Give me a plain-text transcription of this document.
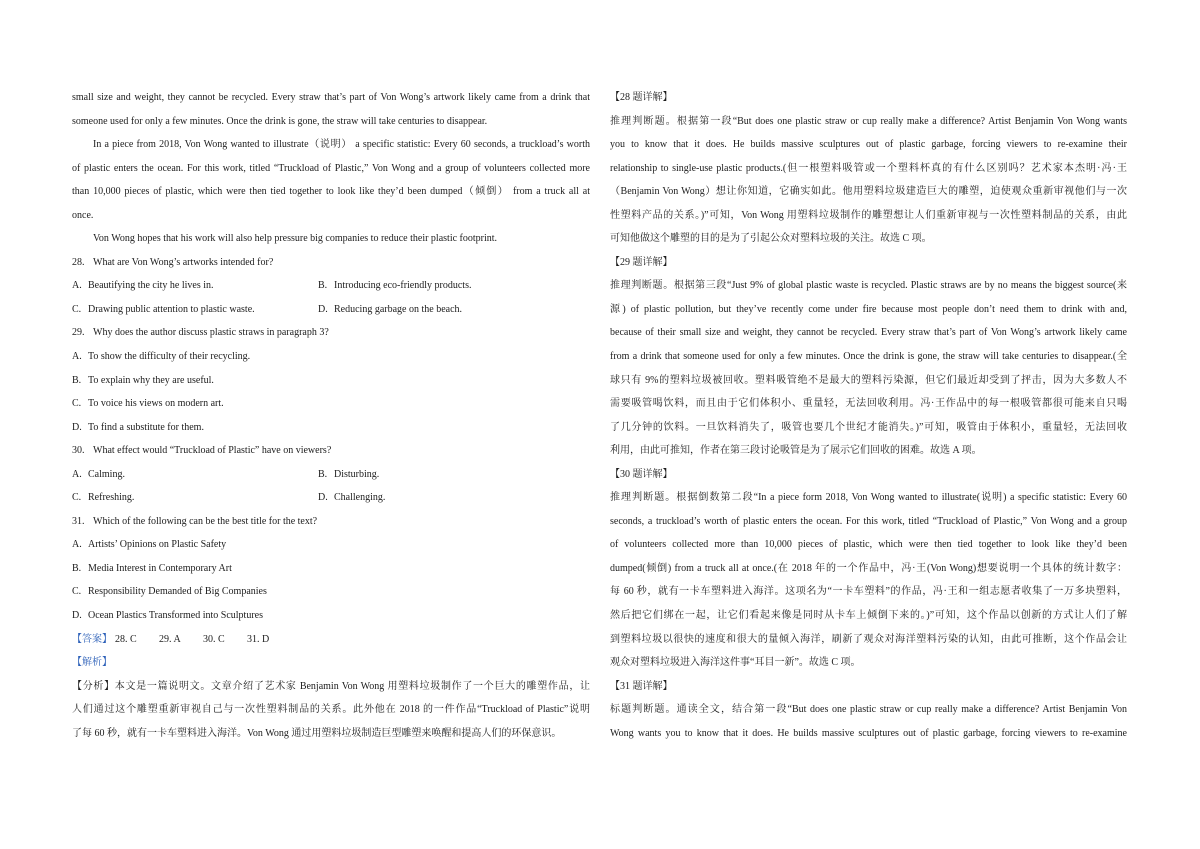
small size and weight, they cannot be recycled. Every straw that’s part of Von Wong’s artwork likely came from a drink that
someone used for only a few minutes. Once the drink is gone, the straw will take centuries to disappear.
In a piece from 2018, Von Wong wanted to illustrate（说明） a specific statistic: Every 60 seconds, a truckload’s worth
of plastic enters the ocean. For this work, titled “Truckload of Plastic,” Von Wong and a group of volunteers collected more
than 10,000 pieces of plastic, which were then tied together to look like they’d been dumped（倾倒） from a truck all at
once.
Von Wong hopes that his work will also help pressure big companies to reduce their plastic footprint.
28. What are Von Wong’s artworks intended for?
A. Beautifying the city he lives in.	B. Introducing eco-friendly products.
C. Drawing public attention to plastic waste.	D. Reducing garbage on the beach.
29. Why does the author discuss plastic straws in paragraph 3?
A. To show the difficulty of their recycling.
B. To explain why they are useful.
C. To voice his views on modern art.
D. To find a substitute for them.
30. What effect would “Truckload of Plastic” have on viewers?
A. Calming.	B. Disturbing.
C. Refreshing.	D. Challenging.
31. Which of the following can be the best title for the text?
A. Artists’ Opinions on Plastic Safety
B. Media Interest in Contemporary Art
C. Responsibility Demanded of Big Companies
D. Ocean Plastics Transformed into Sculptures
【答案】 28. C	29. A	30. C	31. D
【解析】
【分析】本文是一篇说明文。文章介绍了艺术家 Benjamin Von Wong 用塑料垃圾制作了一个巨大的雕塑作品，让
人们通过这个雕塑重新审视自己与一次性塑料制品的关系。此外他在 2018 的一件作品“Truckload of Plastic”说明
了每 60 秒，就有一卡车塑料进入海洋。Von Wong 通过用塑料垃圾制造巨型雕塑来唤醒和提高人们的环保意识。
【28 题详解】
推理判断题。根据第一段“But does one plastic straw or cup really make a difference? Artist Benjamin Von Wong wants
you to know that it does. He builds massive sculptures out of plastic garbage, forcing viewers to re-examine their
relationship to single-use plastic products.(但一根塑料吸管或一个塑料杯真的有什么区别吗？艺术家本杰明·冯·王
（Benjamin Von Wong）想让你知道，它确实如此。他用塑料垃圾建造巨大的雕塑，迫使观众重新审视他们与一次
性塑料产品的关系。)”可知，Von Wong 用塑料垃圾制作的雕塑想让人们重新审视与一次性塑料制品的关系，由此
可知他做这个雕塑的目的是为了引起公众对塑料垃圾的关注。故选 C 项。
【29 题详解】
推理判断题。根据第三段“Just 9% of global plastic waste is recycled. Plastic straws are by no means the biggest source(来
源) of plastic pollution, but they’ve recently come under fire because most people don’t need them to drink with and,
because of their small size and weight, they cannot be recycled. Every straw that’s part of Von Wong’s artwork likely came
from a drink that someone used for only a few minutes. Once the drink is gone, the straw will take centuries to disappear.(全
球只有 9%的塑料垃圾被回收。塑料吸管绝不是最大的塑料污染源，但它们最近却受到了抨击，因为大多数人不
需要吸管喝饮料，而且由于它们体积小、重量轻，无法回收利用。冯·王作品中的每一根吸管都很可能来自只喝
了几分钟的饮料。一旦饮料消失了，吸管也要几个世纪才能消失。)”可知，吸管由于体积小，重量轻，无法回收
利用，由此可推知，作者在第三段讨论吸管是为了展示它们回收的困难。故选 A 项。
【30 题详解】
推理判断题。根据倒数第二段“In a piece form 2018, Von Wong wanted to illustrate(说明) a specific statistic: Every 60
seconds, a truckload’s worth of plastic enters the ocean. For this work, titled “Truckload of Plastic,” Von Wong and a group
of volunteers collected more than 10,000 pieces of plastic, which were then tied together to look like they’d been
dumped(倾倒) from a truck all at once.(在 2018 年的一个作品中，冯·王(Von Wong)想要说明一个具体的统计数字：
每 60 秒，就有一卡车塑料进入海洋。这项名为“一卡车塑料”的作品，冯·王和一组志愿者收集了一万多块塑料，
然后把它们绑在一起，让它们看起来像是同时从卡车上倾倒下来的。)”可知，这个作品以创新的方式让人们了解
到塑料垃圾以很快的速度和很大的量倾入海洋，刷新了观众对海洋塑料污染的认知，由此可推断，这个作品会让
观众对塑料垃圾进入海洋这件事“耳目一新”。故选 C 项。
【31 题详解】
标题判断题。通读全文，结合第一段“But does one plastic straw or cup really make a difference? Artist Benjamin Von
Wong wants you to know that it does. He builds massive sculptures out of plastic garbage, forcing viewers to re-examine
